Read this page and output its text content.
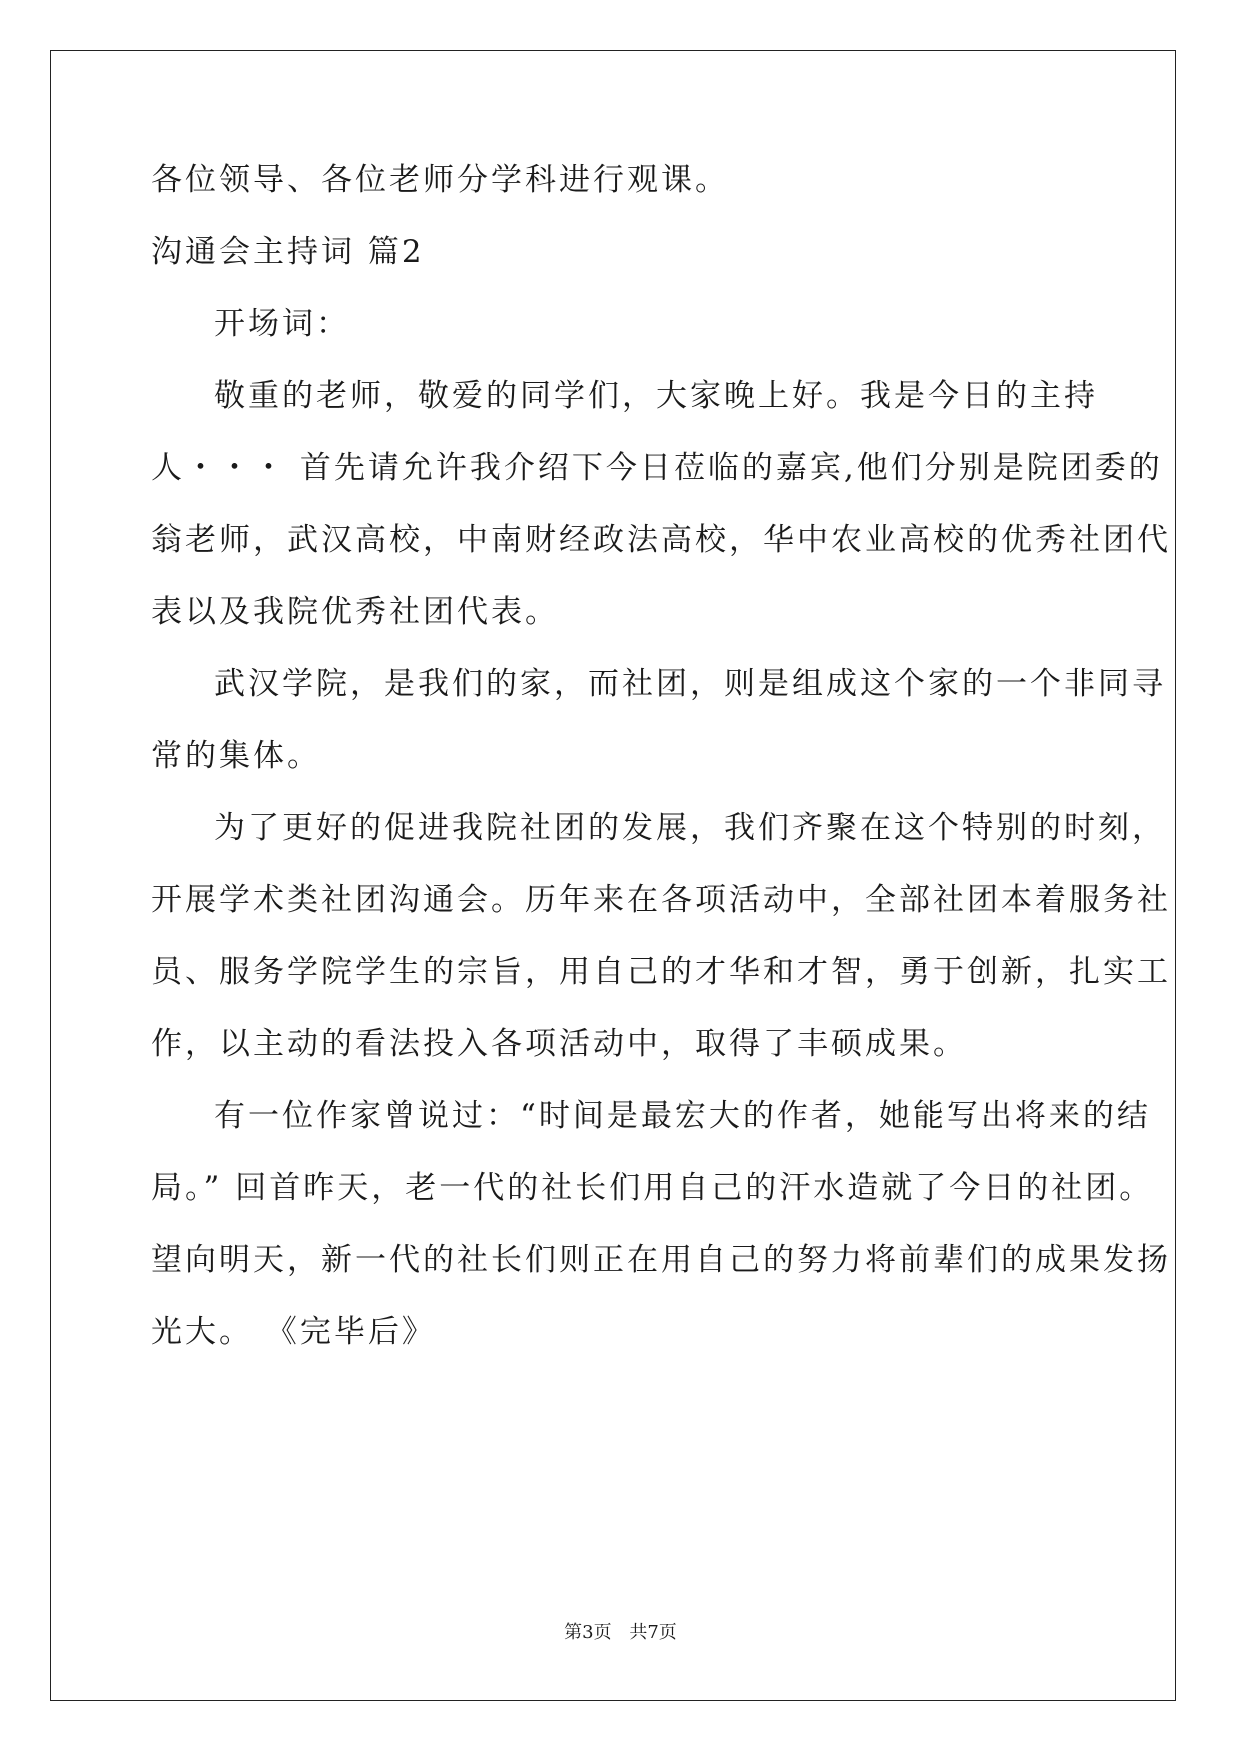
各位领导、各位老师分学科进行观课。
沟通会主持词 篇2
开场词：
敬重的老师，敬爱的同学们，大家晚上好。我是今日的主持
人・・・ 首先请允许我介绍下今日莅临的嘉宾,他们分别是院团委的
翁老师，武汉高校，中南财经政法高校，华中农业高校的优秀社团代
表以及我院优秀社团代表。
武汉学院，是我们的家，而社团，则是组成这个家的一个非同寻
常的集体。
为了更好的促进我院社团的发展，我们齐聚在这个特别的时刻，
开展学术类社团沟通会。历年来在各项活动中，全部社团本着服务社
员、服务学院学生的宗旨，用自己的才华和才智，勇于创新，扎实工
作，以主动的看法投入各项活动中，取得了丰硕成果。
有一位作家曾说过：“时间是最宏大的作者，她能写出将来的结
局。” 回首昨天，老一代的社长们用自己的汗水造就了今日的社团。
望向明天，新一代的社长们则正在用自己的努力将前辈们的成果发扬
光大。 《完毕后》
第3页 共7页
